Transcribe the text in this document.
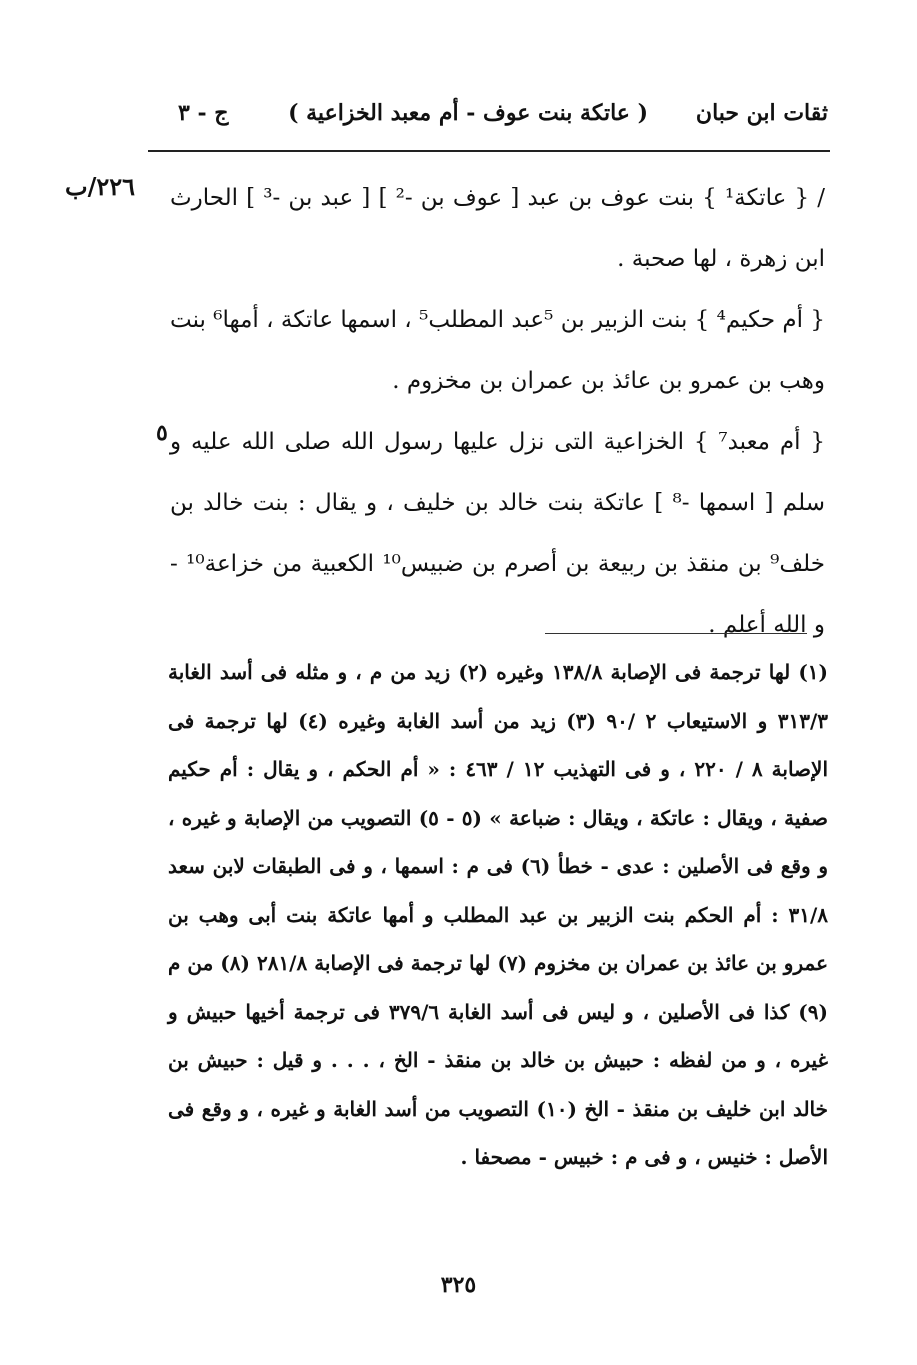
ثقات ابن حبان
( عاتكة بنت عوف - أم معبد الخزاعية )
ج - ٣
٢٢٦/ب
٥
/ { عاتكة¹ } بنت عوف بن عبد [ عوف بن -² ] [ عبد بن -³ ] الحارث ابن زهرة ، لها صحبة .
{ أم حكيم⁴ } بنت الزبير بن ⁵عبد المطلب⁵ ، اسمها عاتكة ، أمها⁶ بنت وهب بن عمرو بن عائذ بن عمران بن مخزوم .
{ أم معبد⁷ } الخزاعية التى نزل عليها رسول الله صلى الله عليه و سلم [ اسمها -⁸ ] عاتكة بنت خالد بن خليف ، و يقال : بنت خالد بن خلف⁹ بن منقذ بن ربيعة بن أصرم بن ضبيس¹⁰ الكعبية من خزاعة¹⁰ - و الله أعلم .
(١) لها ترجمة فى الإصابة ١٣٨/٨ وغيره (٢) زيد من م ، و مثله فى أسد الغابة ٣١٣/٣ و الاستيعاب ٢ /٩٠ (٣) زيد من أسد الغابة وغيره (٤) لها ترجمة فى الإصابة ٨ / ٢٢٠ ، و فى التهذيب ١٢ / ٤٦٣ : « أم الحكم ، و يقال : أم حكيم صفية ، ويقال : عاتكة ، ويقال : ضباعة » (٥ - ٥) التصويب من الإصابة و غيره ، و وقع فى الأصلين : عدى - خطأ (٦) فى م : اسمها ، و فى الطبقات لابن سعد ٣١/٨ : أم الحكم بنت الزبير بن عبد المطلب و أمها عاتكة بنت أبى وهب بن عمرو بن عائذ بن عمران بن مخزوم (٧) لها ترجمة فى الإصابة ٢٨١/٨ (٨) من م (٩) كذا فى الأصلين ، و ليس فى أسد الغابة ٣٧٩/٦ فى ترجمة أخيها حبيش و غيره ، و من لفظه : حبيش بن خالد بن منقذ - الخ ، . . . و قيل : حبيش بن خالد ابن خليف بن منقذ - الخ (١٠) التصويب من أسد الغابة و غيره ، و وقع فى الأصل : خنيس ، و فى م : خبيس - مصحفا .
٣٢٥
